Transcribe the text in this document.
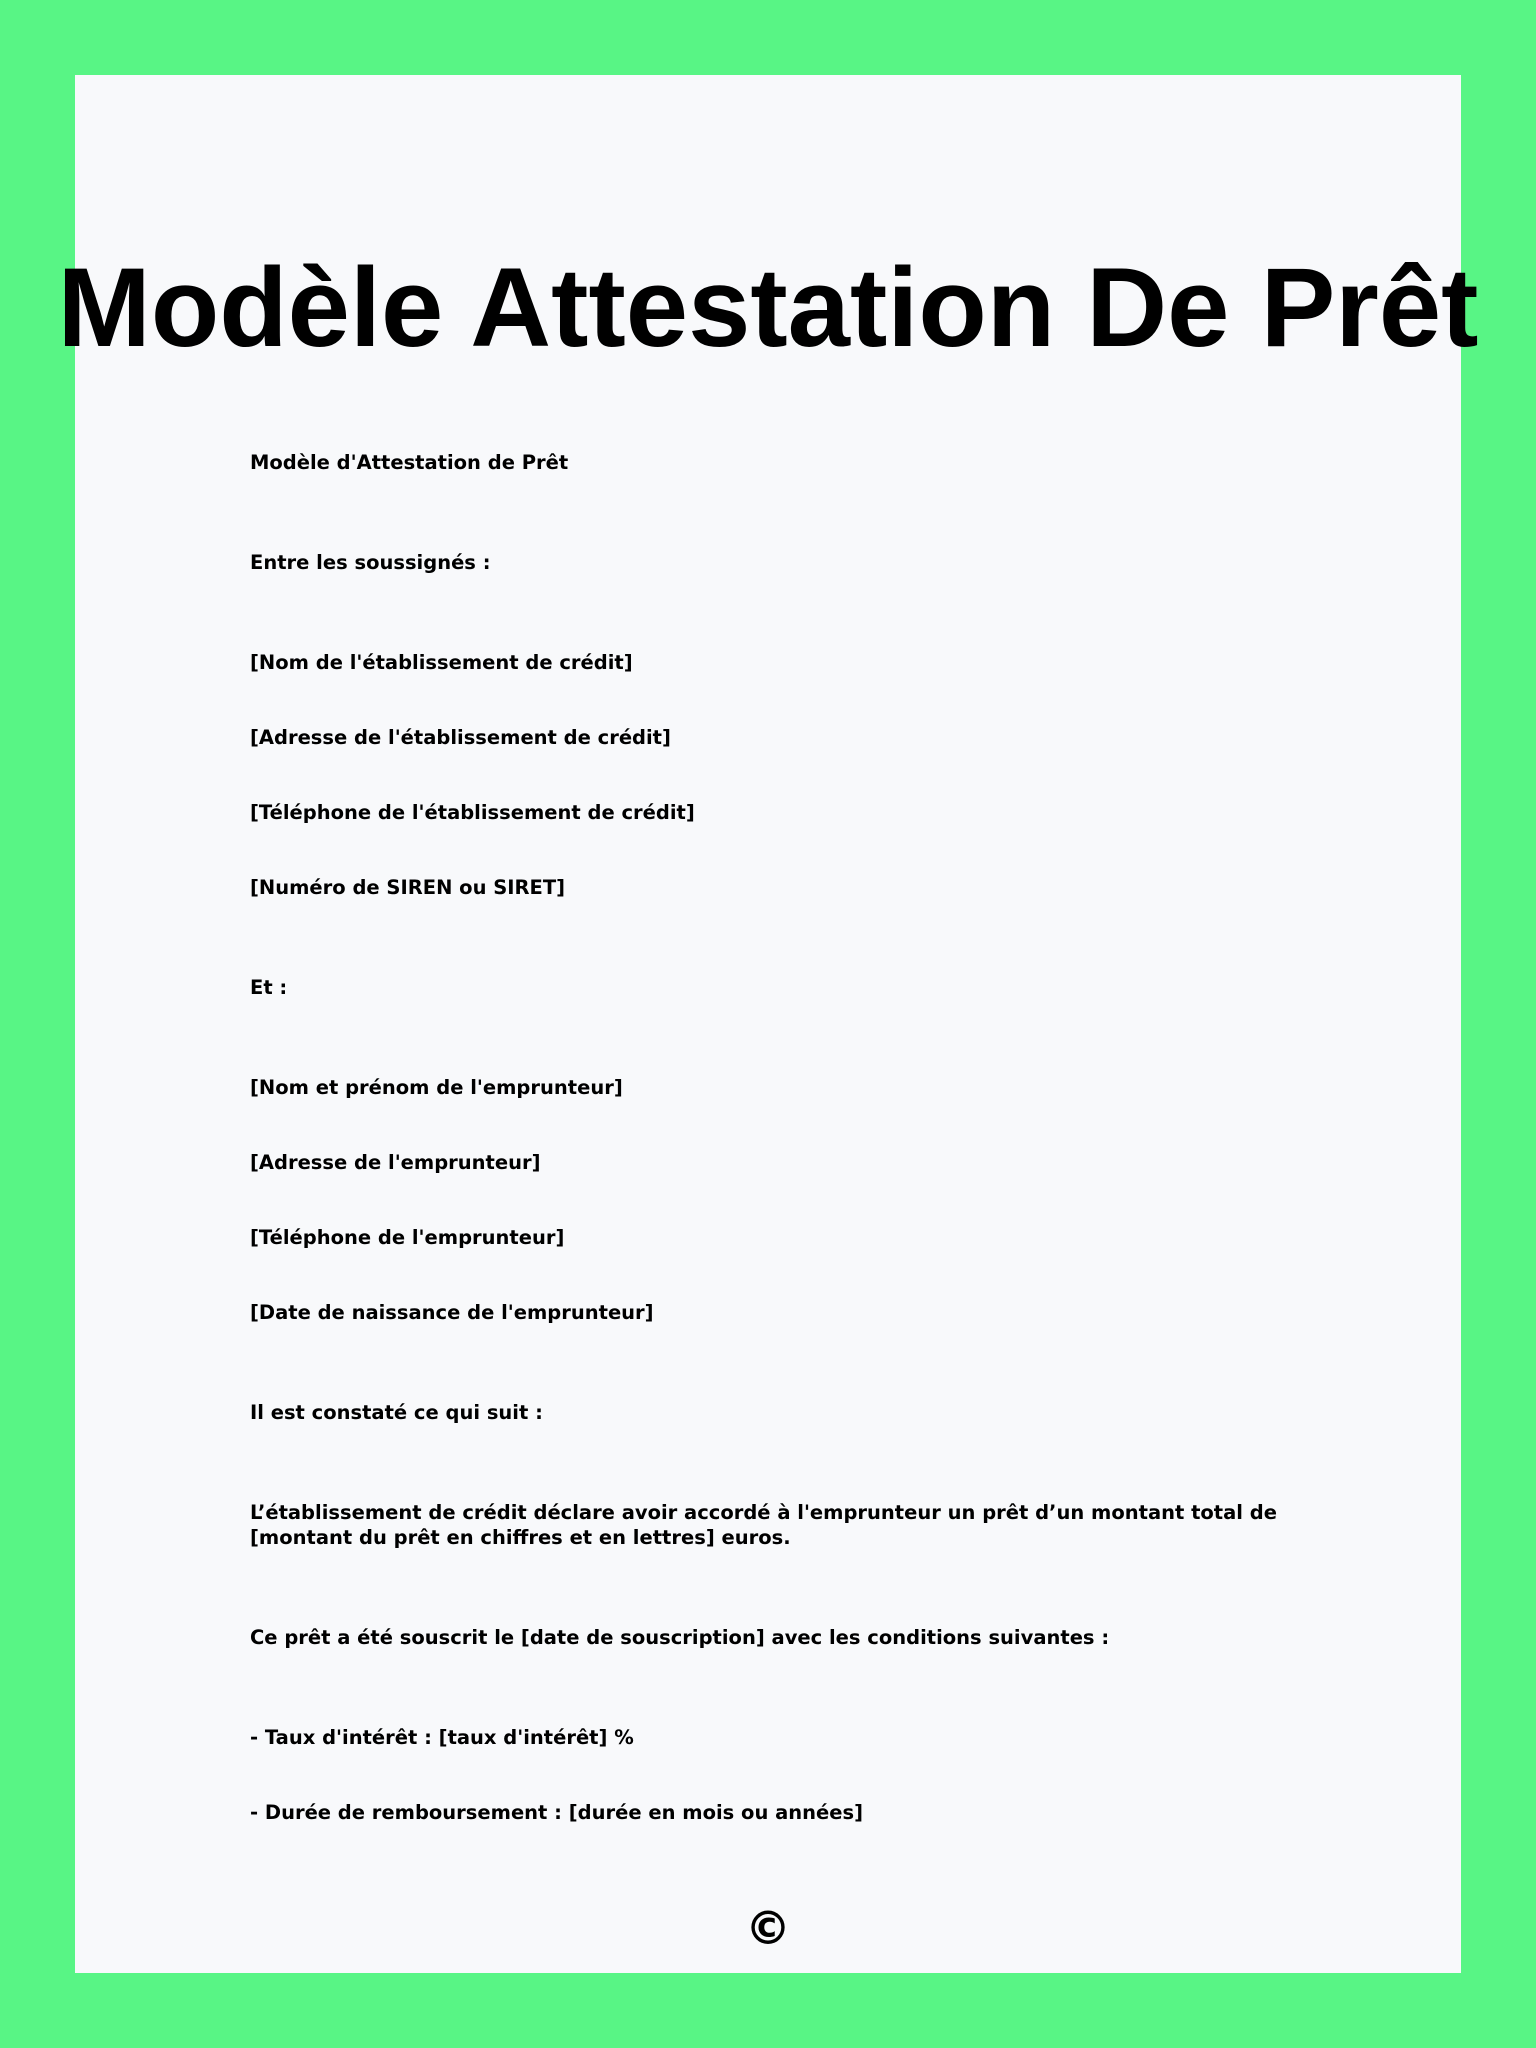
Modèle Attestation De Prêt

Modèle d'Attestation de Prêt

Entre les soussignés :

[Nom de l'établissement de crédit]

[Adresse de l'établissement de crédit]

[Téléphone de l'établissement de crédit]

[Numéro de SIREN ou SIRET]

Et :

[Nom et prénom de l'emprunteur]

[Adresse de l'emprunteur]

[Téléphone de l'emprunteur]

[Date de naissance de l'emprunteur]

Il est constaté ce qui suit :

L’établissement de crédit déclare avoir accordé à l'emprunteur un prêt d’un montant total de [montant du prêt en chiffres et en lettres] euros.

Ce prêt a été souscrit le [date de souscription] avec les conditions suivantes :

- Taux d'intérêt : [taux d'intérêt] %

- Durée de remboursement : [durée en mois ou années]

©
